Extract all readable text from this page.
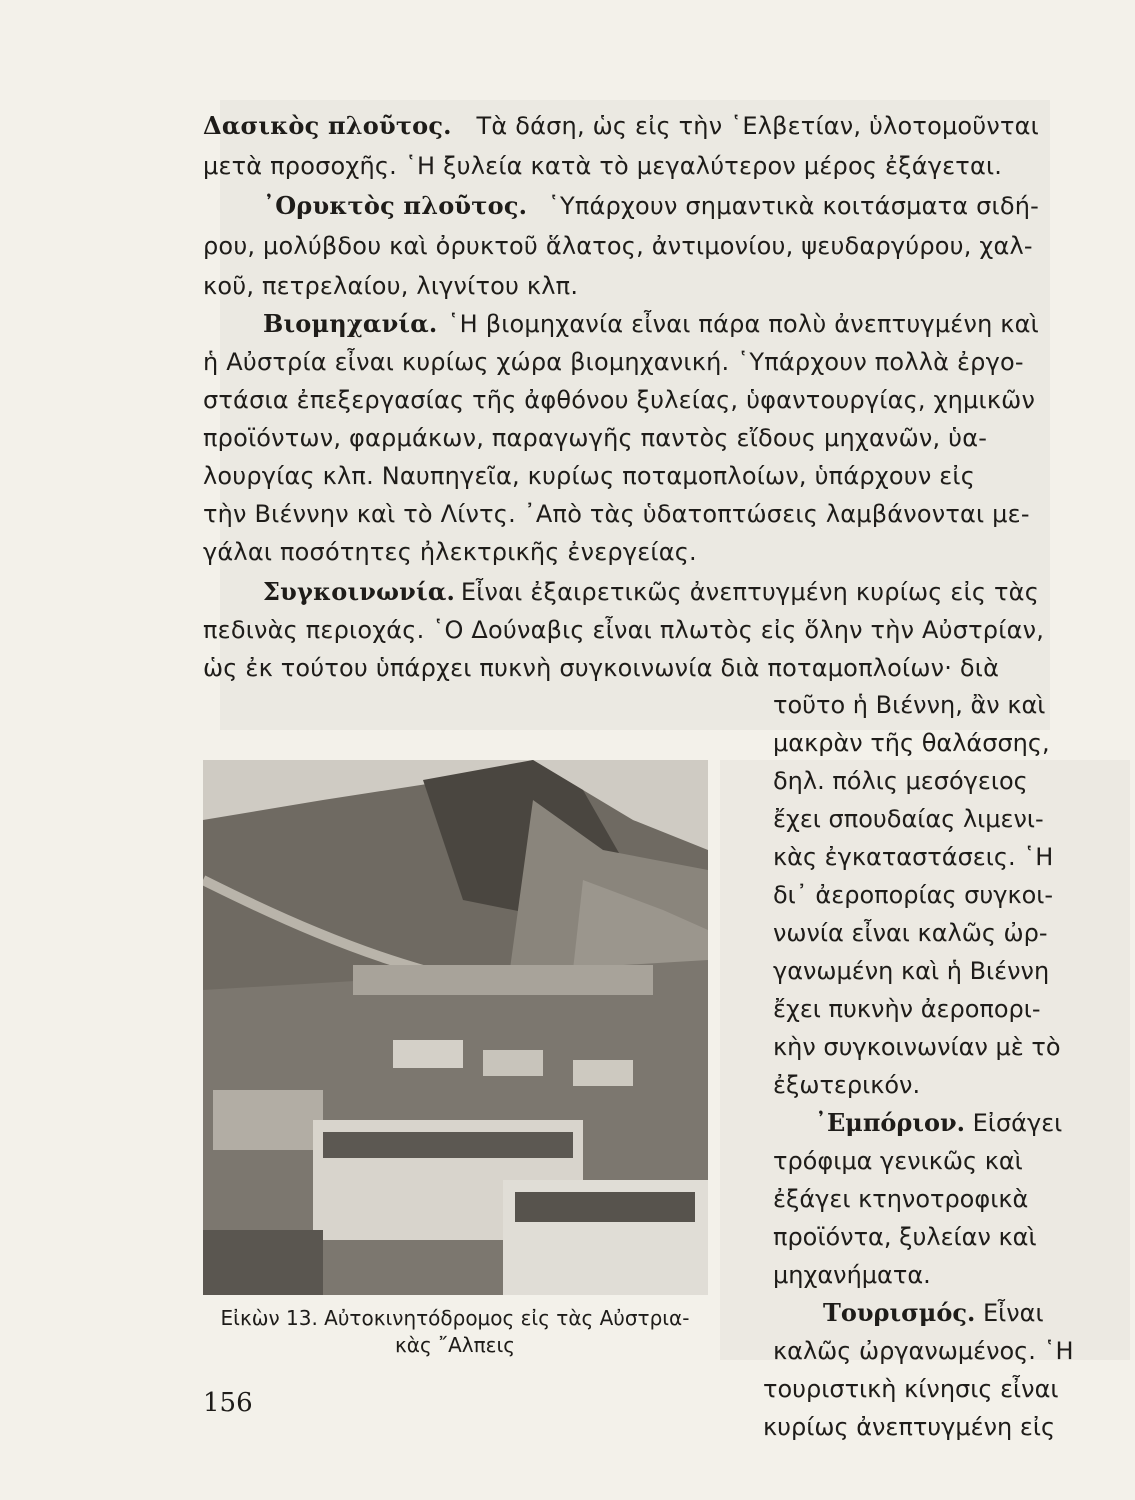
Δασικὸς πλοῦτος. Τὰ δάση, ὡς εἰς τὴν ῾Ελβετίαν, ὑλοτομοῦνται
μετὰ προσοχῆς. ῾Η ξυλεία κατὰ τὸ μεγαλύτερον μέρος ἐξάγεται.
᾿Ορυκτὸς πλοῦτος. ῾Υπάρχουν σημαντικὰ κοιτάσματα σιδή-
ρου, μολύβδου καὶ ὀρυκτοῦ ἅλατος, ἀντιμονίου, ψευδαργύρου, χαλ-
κοῦ, πετρελαίου, λιγνίτου κλπ.
Βιομηχανία. ῾Η βιομηχανία εἶναι πάρα πολὺ ἀνεπτυγμένη καὶ
ἡ Αὐστρία εἶναι κυρίως χώρα βιομηχανική. ῾Υπάρχουν πολλὰ ἐργο-
στάσια ἐπεξεργασίας τῆς ἀφθόνου ξυλείας, ὑφαντουργίας, χημικῶν
προϊόντων, φαρμάκων, παραγωγῆς παντὸς εἴδους μηχανῶν, ὑα-
λουργίας κλπ. Ναυπηγεῖα, κυρίως ποταμοπλοίων, ὑπάρχουν εἰς
τὴν Βιέννην καὶ τὸ Λίντς. ᾿Απὸ τὰς ὑδατοπτώσεις λαμβάνονται με-
γάλαι ποσότητες ἠλεκτρικῆς ἐνεργείας.
Συγκοινωνία. Εἶναι ἐξαιρετικῶς ἀνεπτυγμένη κυρίως εἰς τὰς
πεδινὰς περιοχάς. ῾Ο Δούναβις εἶναι πλωτὸς εἰς ὅλην τὴν Αὐστρίαν,
ὡς ἐκ τούτου ὑπάρχει πυκνὴ συγκοινωνία διὰ ποταμοπλοίων· διὰ
τοῦτο ἡ Βιέννη, ἂν καὶ
μακρὰν τῆς θαλάσσης,
δηλ. πόλις μεσόγειος
ἔχει σπουδαίας λιμενι-
κὰς ἐγκαταστάσεις. ῾Η
δι᾿ ἀεροπορίας συγκοι-
νωνία εἶναι καλῶς ὠρ-
γανωμένη καὶ ἡ Βιέννη
ἔχει πυκνὴν ἀεροπορι-
κὴν συγκοινωνίαν μὲ τὸ
ἐξωτερικόν.
᾿Εμπόριον. Εἰσάγει
τρόφιμα γενικῶς καὶ
ἐξάγει κτηνοτροφικὰ
προϊόντα, ξυλείαν καὶ
μηχανήματα.
Τουρισμός. Εἶναι
καλῶς ὠργανωμένος. ῾Η
τουριστικὴ κίνησις εἶναι
κυρίως ἀνεπτυγμένη εἰς
Εἰκὼν 13. Αὐτοκινητόδρομος εἰς τὰς Αὐστρια-
κὰς ῎Αλπεις
156
